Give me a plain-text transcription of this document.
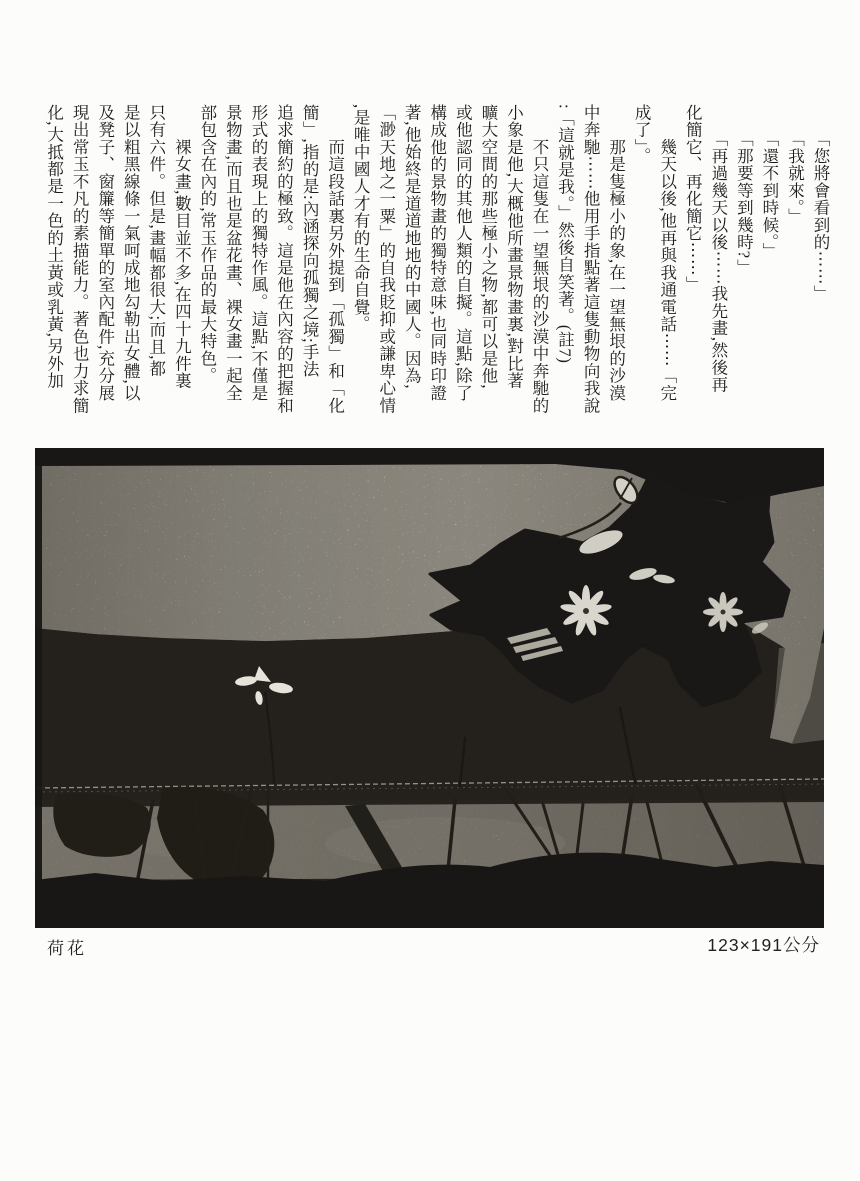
　　「您將會看到的⋯⋯」
　　「我就來。」
　　「還不到時候。」
　　「那要等到幾時?」
　　「再過幾天以後⋯⋯我先畫,然後再
化簡它、再化簡它⋯⋯」
　　幾天以後,他再與我通電話⋯⋯「完
成了」。
　　那是隻極小的象,在一望無垠的沙漠
中奔馳⋯⋯他用手指點著這隻動物向我說
:「這就是我。」然後自笑著。(註7)
　　不只這隻在一望無垠的沙漠中奔馳的
小象是他,大概他所畫景物畫裏,對比著
曠大空間的那些極小之物,都可以是他,
或他認同的其他人類的自擬。這點,除了
構成他的景物畫的獨特意味,也同時印證
著,他始終是道道地地的中國人。因為,
「渺天地之一粟」的自我貶抑或謙卑心情
,是唯中國人才有的生命自覺。
　　而這段話裏另外提到「孤獨」和「化
簡」,指的是:內涵探向孤獨之境;手法
追求簡約的極致。這是他在內容的把握和
形式的表現上的獨特作風。這點,不僅是
景物畫,而且也是盆花畫、裸女畫一起全
部包含在內的,常玉作品的最大特色。
　　裸女畫,數目並不多,在四十九件裏
只有六件。但是,畫幅都很大;而且,都
是以粗黑線條一氣呵成地勾勒出女體,以
及凳子、窗簾等簡單的室內配件,充分展
現出常玉不凡的素描能力。著色也力求簡
化,大抵都是一色的土黃或乳黃,另外加
荷花	123×191公分
